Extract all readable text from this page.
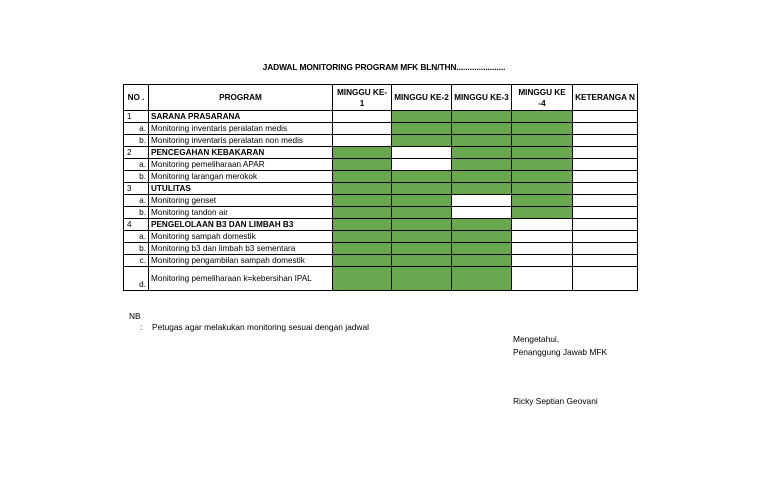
JADWAL MONITORING PROGRAM MFK BLN/THN......................
NO .	PROGRAM	MINGGU KE-1	MINGGU KE-2	MINGGU KE-3	MINGGU KE -4	KETERANGA N
1	SARANA PRASARANA					
a.	Monitoring inventaris peralatan medis					
b.	Monitoring inventaris peralatan non medis					
2	PENCEGAHAN KEBAKARAN					
a.	Monitoring pemeliharaan APAR					
b.	Monitoring larangan merokok					
3	UTULITAS					
a.	Monitoring genset					
b.	Monitoring tandon air					
4	PENGELOLAAN B3 DAN LIMBAH B3					
a.	Monitoring sampah domestik					
b.	Monitoring b3 dan limbah b3 sementara					
c.	Monitoring pengambilan sampah domestik					
d.	Monitoring pemeliharaan k=kebersihan IPAL					
NB
: Petugas agar melakukan monitoring sesuai dengan jadwal
Mengetahui,
Penanggung Jawab MFK
Ricky Septian Geovani
